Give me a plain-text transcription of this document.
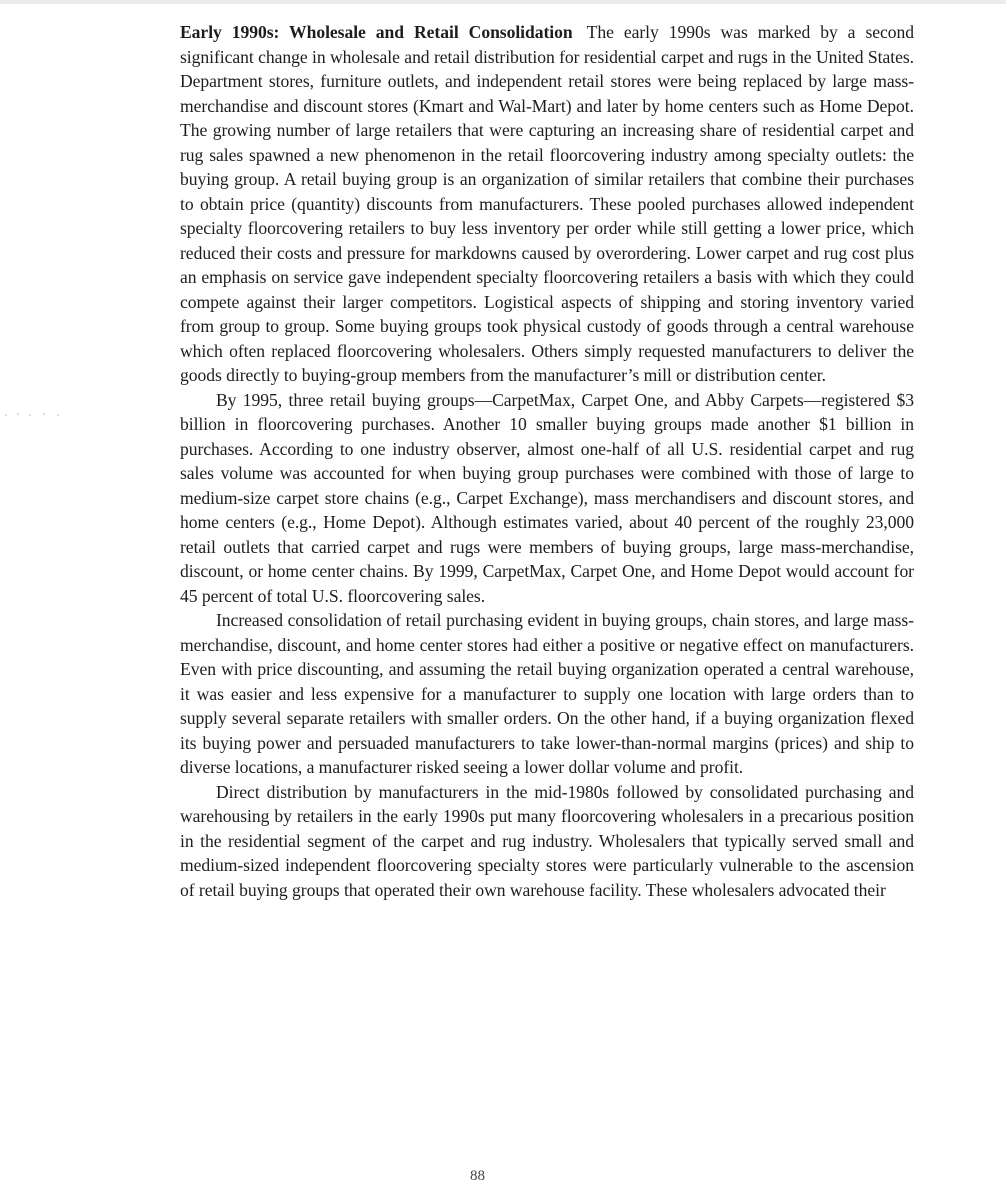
Early 1990s: Wholesale and Retail Consolidation The early 1990s was marked by a second significant change in wholesale and retail distribution for residential carpet and rugs in the United States. Department stores, furniture outlets, and independent retail stores were being replaced by large mass-merchandise and discount stores (Kmart and Wal-Mart) and later by home centers such as Home Depot. The growing number of large retailers that were capturing an increasing share of residential carpet and rug sales spawned a new phenomenon in the retail floorcovering industry among specialty outlets: the buying group. A retail buying group is an organization of similar retailers that combine their purchases to obtain price (quantity) discounts from manufacturers. These pooled purchases allowed independent specialty floorcovering retailers to buy less inventory per order while still getting a lower price, which reduced their costs and pressure for markdowns caused by overordering. Lower carpet and rug cost plus an emphasis on service gave independent specialty floorcovering retailers a basis with which they could compete against their larger competitors. Logistical aspects of shipping and storing inventory varied from group to group. Some buying groups took physical custody of goods through a central warehouse which often replaced floorcovering wholesalers. Others simply requested manufacturers to deliver the goods directly to buying-group members from the manufacturer’s mill or distribution center.

By 1995, three retail buying groups—CarpetMax, Carpet One, and Abby Carpets—registered $3 billion in floorcovering purchases. Another 10 smaller buying groups made another $1 billion in purchases. According to one industry observer, almost one-half of all U.S. residential carpet and rug sales volume was accounted for when buying group purchases were combined with those of large to medium-size carpet store chains (e.g., Carpet Exchange), mass merchandisers and discount stores, and home centers (e.g., Home Depot). Although estimates varied, about 40 percent of the roughly 23,000 retail outlets that carried carpet and rugs were members of buying groups, large mass-merchandise, discount, or home center chains. By 1999, CarpetMax, Carpet One, and Home Depot would account for 45 percent of total U.S. floorcovering sales.

Increased consolidation of retail purchasing evident in buying groups, chain stores, and large mass-merchandise, discount, and home center stores had either a positive or negative effect on manufacturers. Even with price discounting, and assuming the retail buying organization operated a central warehouse, it was easier and less expensive for a manufacturer to supply one location with large orders than to supply several separate retailers with smaller orders. On the other hand, if a buying organization flexed its buying power and persuaded manufacturers to take lower-than-normal margins (prices) and ship to diverse locations, a manufacturer risked seeing a lower dollar volume and profit.

Direct distribution by manufacturers in the mid-1980s followed by consolidated purchasing and warehousing by retailers in the early 1990s put many floorcovering wholesalers in a precarious position in the residential segment of the carpet and rug industry. Wholesalers that typically served small and medium-sized independent floorcovering specialty stores were particularly vulnerable to the ascension of retail buying groups that operated their own warehouse facility. These wholesalers advocated their

88
